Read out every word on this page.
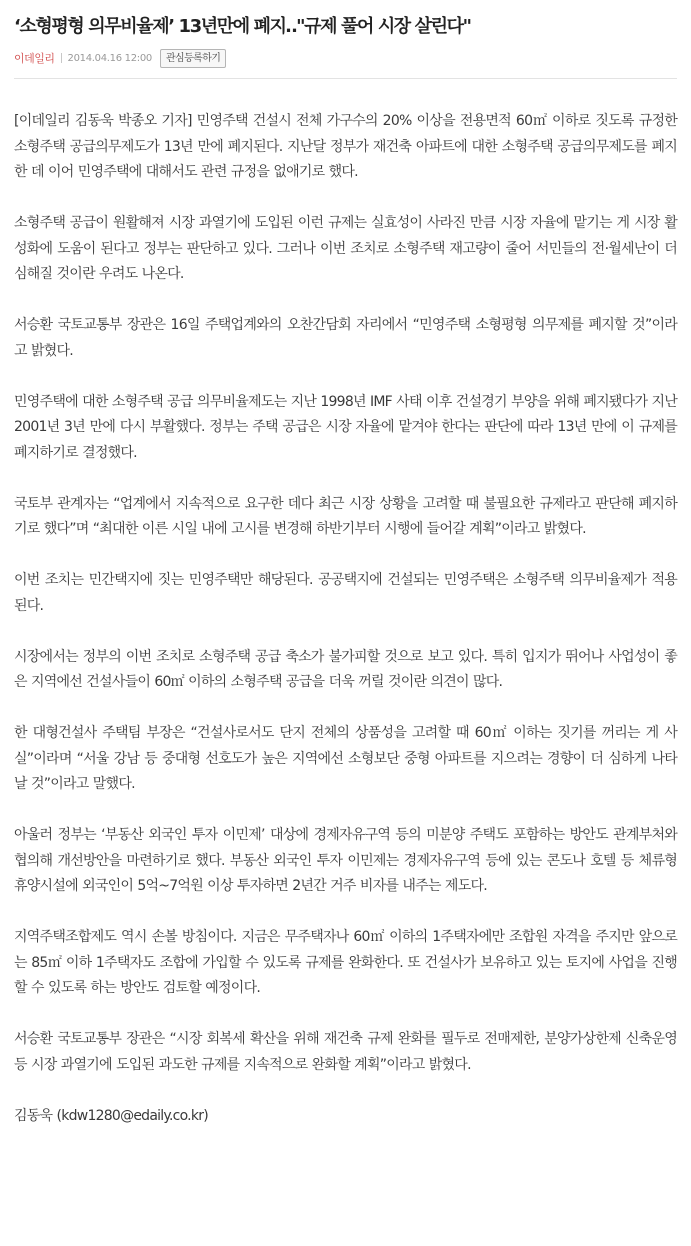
‘소형평형 의무비율제’ 13년만에 폐지‥"규제 풀어 시장 살린다"
이데일리 2014.04.16 12:00	관심등록하기

[이데일리 김동욱 박종오 기자] 민영주택 건설시 전체 가구수의 20% 이상을 전용면적 60㎡ 이하로 짓도록 규정한 소형주택 공급의무제도가 13년 만에 폐지된다. 지난달 정부가 재건축 아파트에 대한 소형주택 공급의무제도를 폐지한 데 이어 민영주택에 대해서도 관련 규정을 없애기로 했다.

소형주택 공급이 원활해져 시장 과열기에 도입된 이런 규제는 실효성이 사라진 만큼 시장 자율에 맡기는 게 시장 활성화에 도움이 된다고 정부는 판단하고 있다. 그러나 이번 조치로 소형주택 재고량이 줄어 서민들의 전·월세난이 더 심해질 것이란 우려도 나온다.

서승환 국토교통부 장관은 16일 주택업계와의 오찬간담회 자리에서 “민영주택 소형평형 의무제를 폐지할 것”이라고 밝혔다.

민영주택에 대한 소형주택 공급 의무비율제도는 지난 1998년 IMF 사태 이후 건설경기 부양을 위해 폐지됐다가 지난 2001년 3년 만에 다시 부활했다. 정부는 주택 공급은 시장 자율에 맡겨야 한다는 판단에 따라 13년 만에 이 규제를 폐지하기로 결정했다.

국토부 관계자는 “업계에서 지속적으로 요구한 데다 최근 시장 상황을 고려할 때 불필요한 규제라고 판단해 폐지하기로 했다”며 “최대한 이른 시일 내에 고시를 변경해 하반기부터 시행에 들어갈 계획”이라고 밝혔다.

이번 조치는 민간택지에 짓는 민영주택만 해당된다. 공공택지에 건설되는 민영주택은 소형주택 의무비율제가 적용된다.

시장에서는 정부의 이번 조치로 소형주택 공급 축소가 불가피할 것으로 보고 있다. 특히 입지가 뛰어나 사업성이 좋은 지역에선 건설사들이 60㎡ 이하의 소형주택 공급을 더욱 꺼릴 것이란 의견이 많다.

한 대형건설사 주택팀 부장은 “건설사로서도 단지 전체의 상품성을 고려할 때 60㎡ 이하는 짓기를 꺼리는 게 사실”이라며 “서울 강남 등 중대형 선호도가 높은 지역에선 소형보단 중형 아파트를 지으려는 경향이 더 심하게 나타날 것”이라고 말했다.

아울러 정부는 ‘부동산 외국인 투자 이민제’ 대상에 경제자유구역 등의 미분양 주택도 포함하는 방안도 관계부처와 협의해 개선방안을 마련하기로 했다. 부동산 외국인 투자 이민제는 경제자유구역 등에 있는 콘도나 호텔 등 체류형 휴양시설에 외국인이 5억~7억원 이상 투자하면 2년간 거주 비자를 내주는 제도다.

지역주택조합제도 역시 손볼 방침이다. 지금은 무주택자나 60㎡ 이하의 1주택자에만 조합원 자격을 주지만 앞으로는 85㎡ 이하 1주택자도 조합에 가입할 수 있도록 규제를 완화한다. 또 건설사가 보유하고 있는 토지에 사업을 진행할 수 있도록 하는 방안도 검토할 예정이다.

서승환 국토교통부 장관은 “시장 회복세 확산을 위해 재건축 규제 완화를 필두로 전매제한, 분양가상한제 신축운영 등 시장 과열기에 도입된 과도한 규제를 지속적으로 완화할 계획”이라고 밝혔다.

김동욱 (kdw1280@edaily.co.kr)
